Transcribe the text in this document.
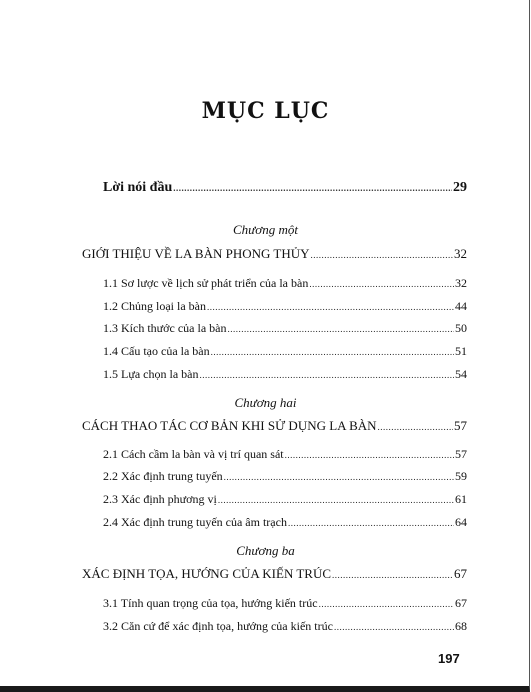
MỤC LỤC
Lời nói đầu .....	29
Chương một
GIỚI THIỆU VỀ LA BÀN PHONG THỦY .....	32
1.1 Sơ lược về lịch sử phát triển của la bàn .....	32
1.2 Chủng loại la bàn .....	44
1.3 Kích thước của la bàn .....	50
1.4 Cấu tạo của la bàn .....	51
1.5 Lựa chọn la bàn .....	54
Chương hai
CÁCH THAO TÁC CƠ BẢN KHI SỬ DỤNG LA BÀN .....	57
2.1 Cách cầm la bàn và vị trí quan sát .....	57
2.2 Xác định trung tuyến .....	59
2.3 Xác định phương vị .....	61
2.4 Xác định trung tuyến của âm trạch .....	64
Chương ba
XÁC ĐỊNH TỌA, HƯỚNG CỦA KIẾN TRÚC .....	67
3.1 Tính quan trọng của tọa, hướng kiến trúc .....	67
3.2 Căn cứ để xác định tọa, hướng của kiến trúc .....	68
197
